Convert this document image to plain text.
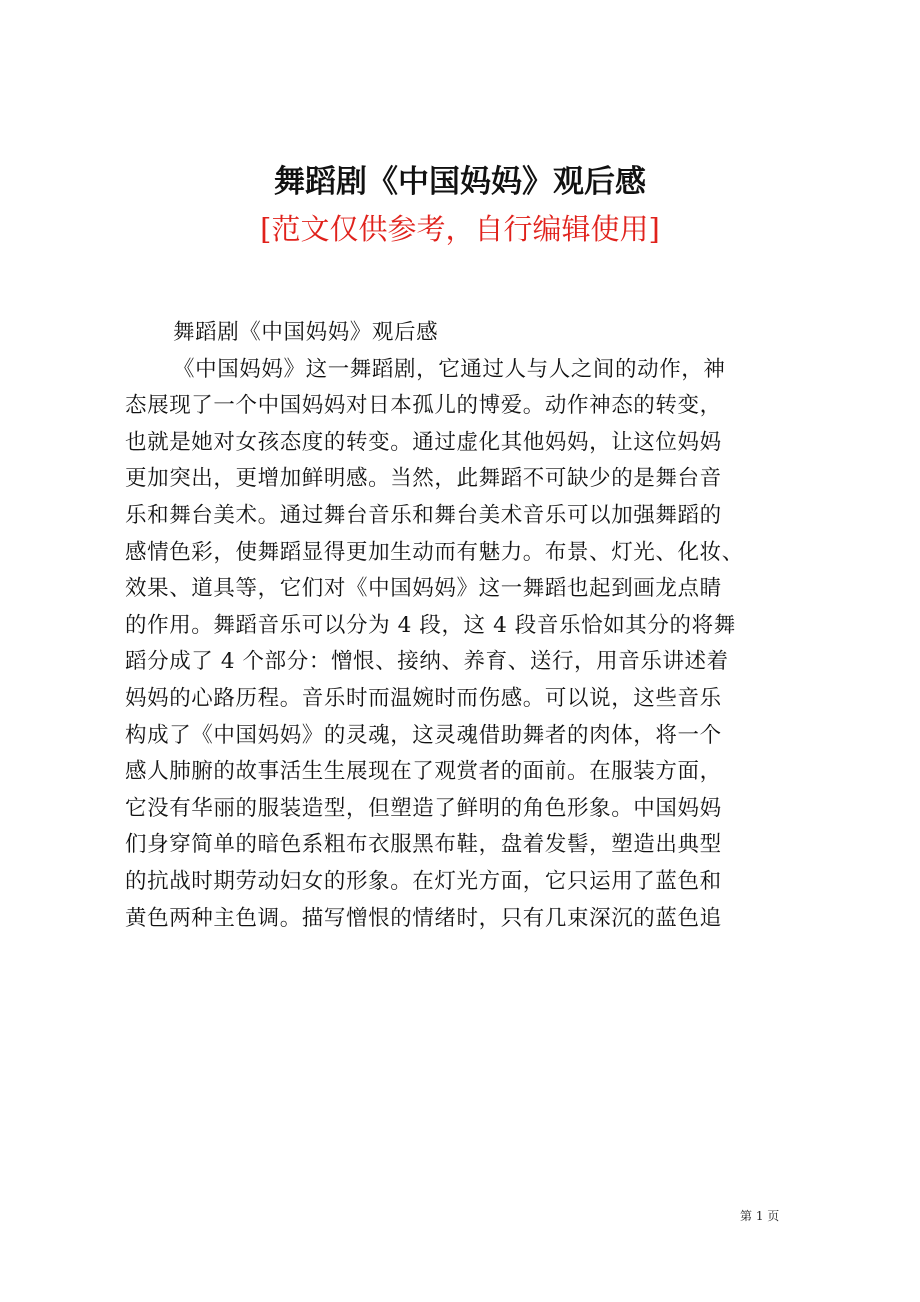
舞蹈剧《中国妈妈》观后感
[范文仅供参考，自行编辑使用]

舞蹈剧《中国妈妈》观后感

《中国妈妈》这一舞蹈剧，它通过人与人之间的动作，神

态展现了一个中国妈妈对日本孤儿的博爱。动作神态的转变，

也就是她对女孩态度的转变。通过虚化其他妈妈，让这位妈妈

更加突出，更增加鲜明感。当然，此舞蹈不可缺少的是舞台音

乐和舞台美术。通过舞台音乐和舞台美术音乐可以加强舞蹈的

感情色彩，使舞蹈显得更加生动而有魅力。布景、灯光、化妆、

效果、道具等，它们对《中国妈妈》这一舞蹈也起到画龙点睛

的作用。舞蹈音乐可以分为 4 段，这 4 段音乐恰如其分的将舞

蹈分成了 4 个部分：憎恨、接纳、养育、送行，用音乐讲述着

妈妈的心路历程。音乐时而温婉时而伤感。可以说，这些音乐

构成了《中国妈妈》的灵魂，这灵魂借助舞者的肉体，将一个

感人肺腑的故事活生生展现在了观赏者的面前。在服装方面，

它没有华丽的服装造型，但塑造了鲜明的角色形象。中国妈妈

们身穿简单的暗色系粗布衣服黑布鞋，盘着发髻，塑造出典型

的抗战时期劳动妇女的形象。在灯光方面，它只运用了蓝色和

黄色两种主色调。描写憎恨的情绪时，只有几束深沉的蓝色追

第 1 页
